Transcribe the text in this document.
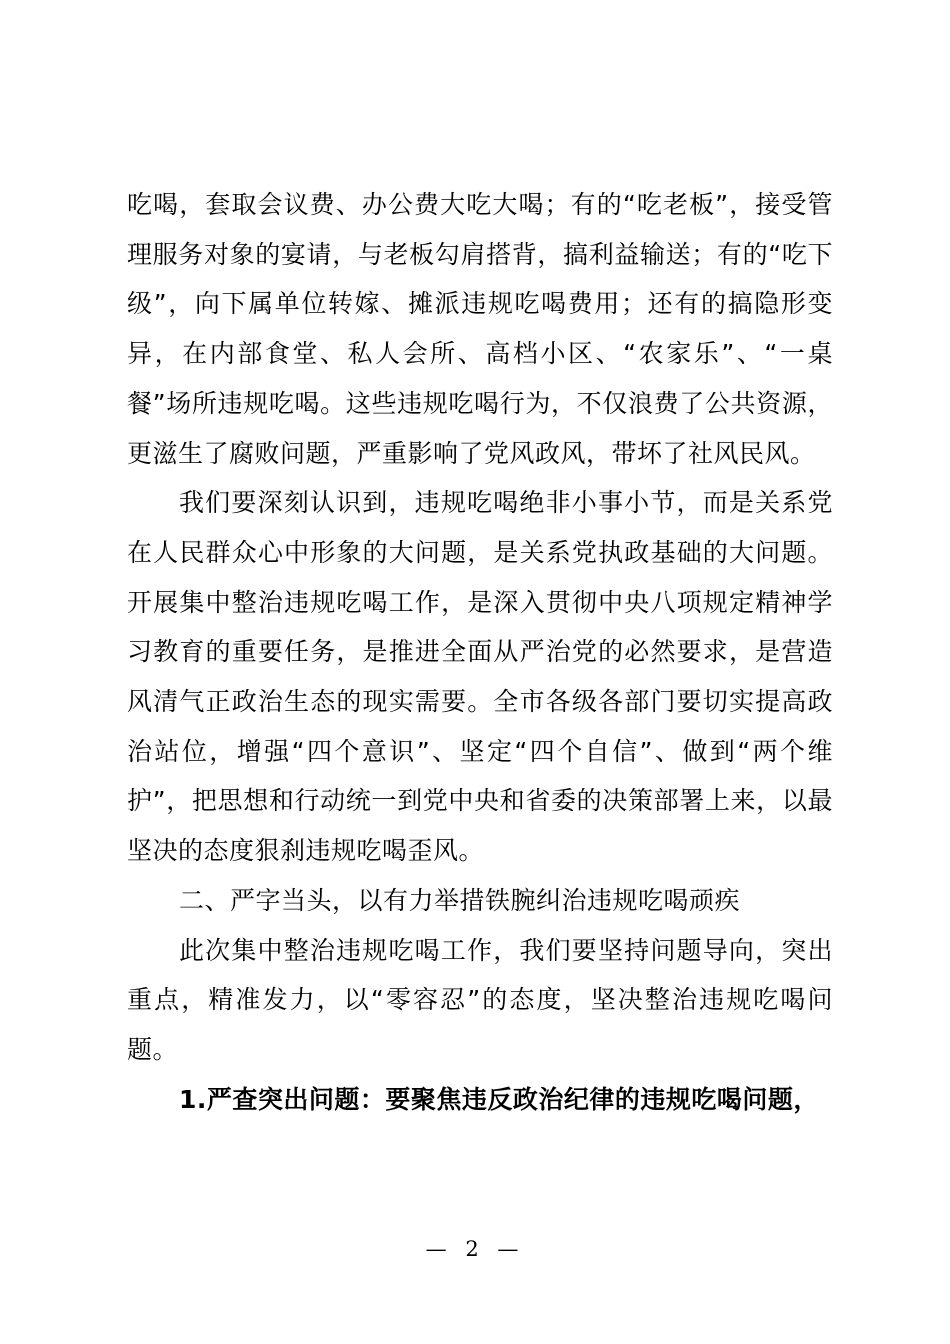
吃喝，套取会议费、办公费大吃大喝；有的“吃老板”，接受管理服务对象的宴请，与老板勾肩搭背，搞利益输送；有的“吃下级”，向下属单位转嫁、摊派违规吃喝费用；还有的搞隐形变异，在内部食堂、私人会所、高档小区、“农家乐”、“一桌餐”场所违规吃喝。这些违规吃喝行为，不仅浪费了公共资源，更滋生了腐败问题，严重影响了党风政风，带坏了社风民风。

我们要深刻认识到，违规吃喝绝非小事小节，而是关系党在人民群众心中形象的大问题，是关系党执政基础的大问题。开展集中整治违规吃喝工作，是深入贯彻中央八项规定精神学习教育的重要任务，是推进全面从严治党的必然要求，是营造风清气正政治生态的现实需要。全市各级各部门要切实提高政治站位，增强“四个意识”、坚定“四个自信”、做到“两个维护”，把思想和行动统一到党中央和省委的决策部署上来，以最坚决的态度狠刹违规吃喝歪风。

二、严字当头，以有力举措铁腕纠治违规吃喝顽疾

此次集中整治违规吃喝工作，我们要坚持问题导向，突出重点，精准发力，以“零容忍”的态度，坚决整治违规吃喝问题。

1.严查突出问题：要聚焦违反政治纪律的违规吃喝问题，

— 2 —
